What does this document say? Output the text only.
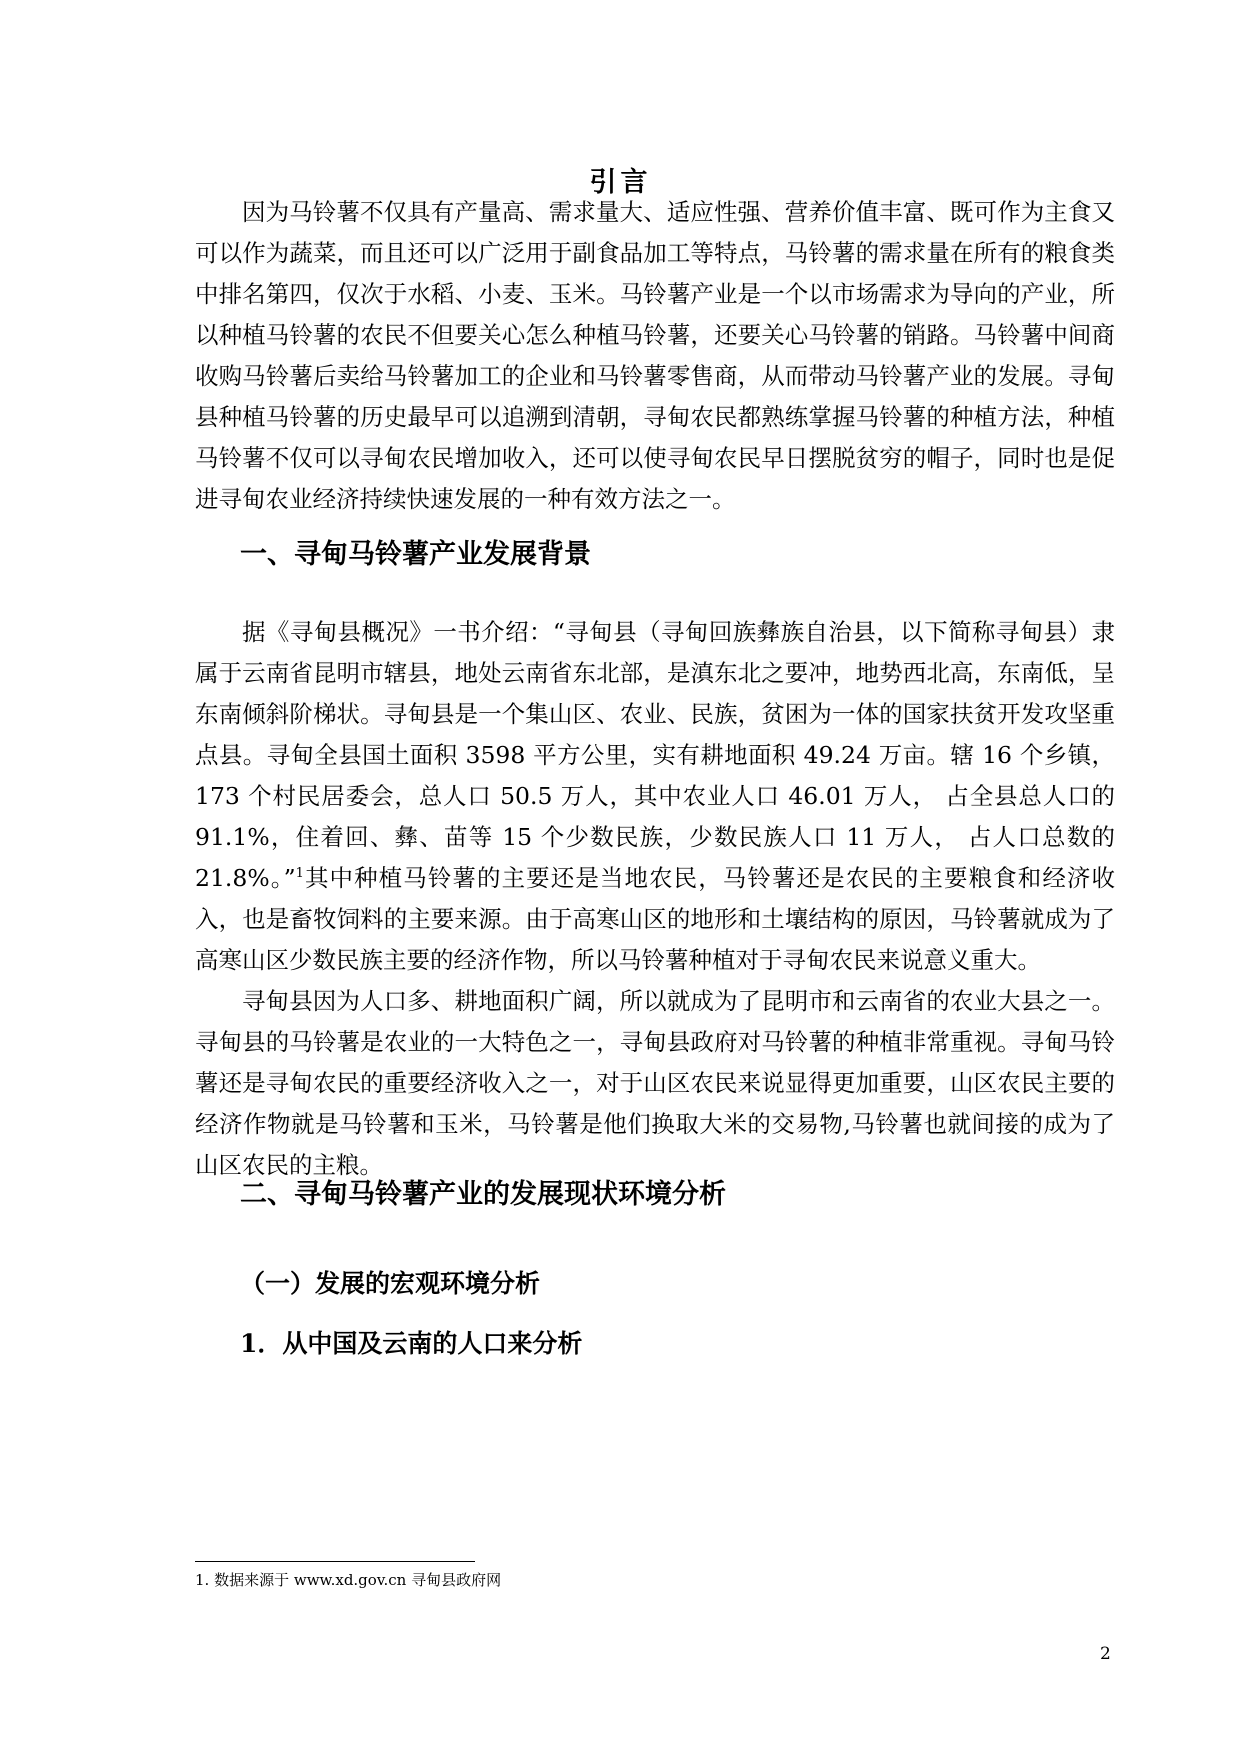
引言

因为马铃薯不仅具有产量高、需求量大、适应性强、营养价值丰富、既可作为主食又可以作为蔬菜，而且还可以广泛用于副食品加工等特点，马铃薯的需求量在所有的粮食类中排名第四，仅次于水稻、小麦、玉米。马铃薯产业是一个以市场需求为导向的产业，所以种植马铃薯的农民不但要关心怎么种植马铃薯，还要关心马铃薯的销路。马铃薯中间商收购马铃薯后卖给马铃薯加工的企业和马铃薯零售商，从而带动马铃薯产业的发展。寻甸县种植马铃薯的历史最早可以追溯到清朝，寻甸农民都熟练掌握马铃薯的种植方法，种植马铃薯不仅可以寻甸农民增加收入，还可以使寻甸农民早日摆脱贫穷的帽子，同时也是促进寻甸农业经济持续快速发展的一种有效方法之一。

一、寻甸马铃薯产业发展背景

据《寻甸县概况》一书介绍：“寻甸县（寻甸回族彝族自治县，以下简称寻甸县）隶属于云南省昆明市辖县，地处云南省东北部，是滇东北之要冲，地势西北高，东南低，呈东南倾斜阶梯状。寻甸县是一个集山区、农业、民族，贫困为一体的国家扶贫开发攻坚重点县。寻甸全县国土面积 3598 平方公里，实有耕地面积 49.24 万亩。辖 16 个乡镇，173 个村民居委会，总人口 50.5 万人，其中农业人口 46.01 万人， 占全县总人口的91.1%，住着回、彝、苗等 15 个少数民族，少数民族人口 11 万人， 占人口总数的21.8%。”$^1$其中种植马铃薯的主要还是当地农民，马铃薯还是农民的主要粮食和经济收入，也是畜牧饲料的主要来源。由于高寒山区的地形和土壤结构的原因，马铃薯就成为了高寒山区少数民族主要的经济作物，所以马铃薯种植对于寻甸农民来说意义重大。

寻甸县因为人口多、耕地面积广阔，所以就成为了昆明市和云南省的农业大县之一。寻甸县的马铃薯是农业的一大特色之一，寻甸县政府对马铃薯的种植非常重视。寻甸马铃薯还是寻甸农民的重要经济收入之一，对于山区农民来说显得更加重要，山区农民主要的经济作物就是马铃薯和玉米，马铃薯是他们换取大米的交易物,马铃薯也就间接的成为了山区农民的主粮。

二、寻甸马铃薯产业的发展现状环境分析
（一）发展的宏观环境分析
1．从中国及云南的人口来分析
1. 数据来源于 www.xd.gov.cn 寻甸县政府网
2
